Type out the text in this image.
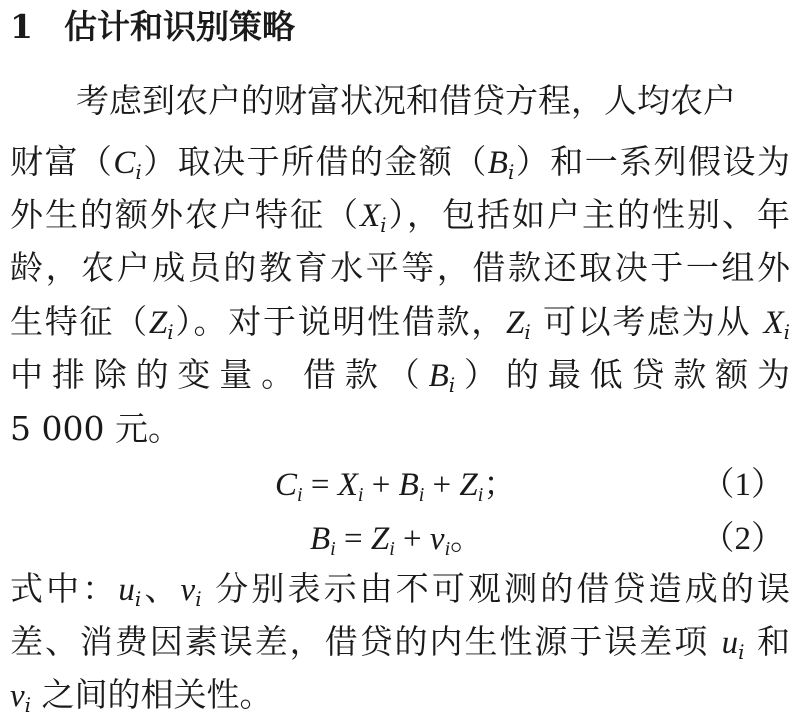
1 估计和识别策略
考虑到农户的财富状况和借贷方程，人均农户
财富$(C_i)$取决于所借的金额$(B_i)$和一系列假设为
外生的额外农户特征$(X_i)$，包括如户主的性别、年
龄，农户成员的教育水平等，借款还取决于一组外
生特征$(Z_i)$。对于说明性借款，$Z_i$ 可以考虑为从 $X_i$
中排除的变量。借款$(B_i)$的最低贷款额为
5 000 元。
$C_i = X_i + B_i + Z_i$；	（1）
$B_i = Z_i + v_i$。	（2）
式中：$u_i$、$v_i$ 分别表示由不可观测的借贷造成的误
差、消费因素误差，借贷的内生性源于误差项 $u_i$ 和
$v_i$ 之间的相关性。
